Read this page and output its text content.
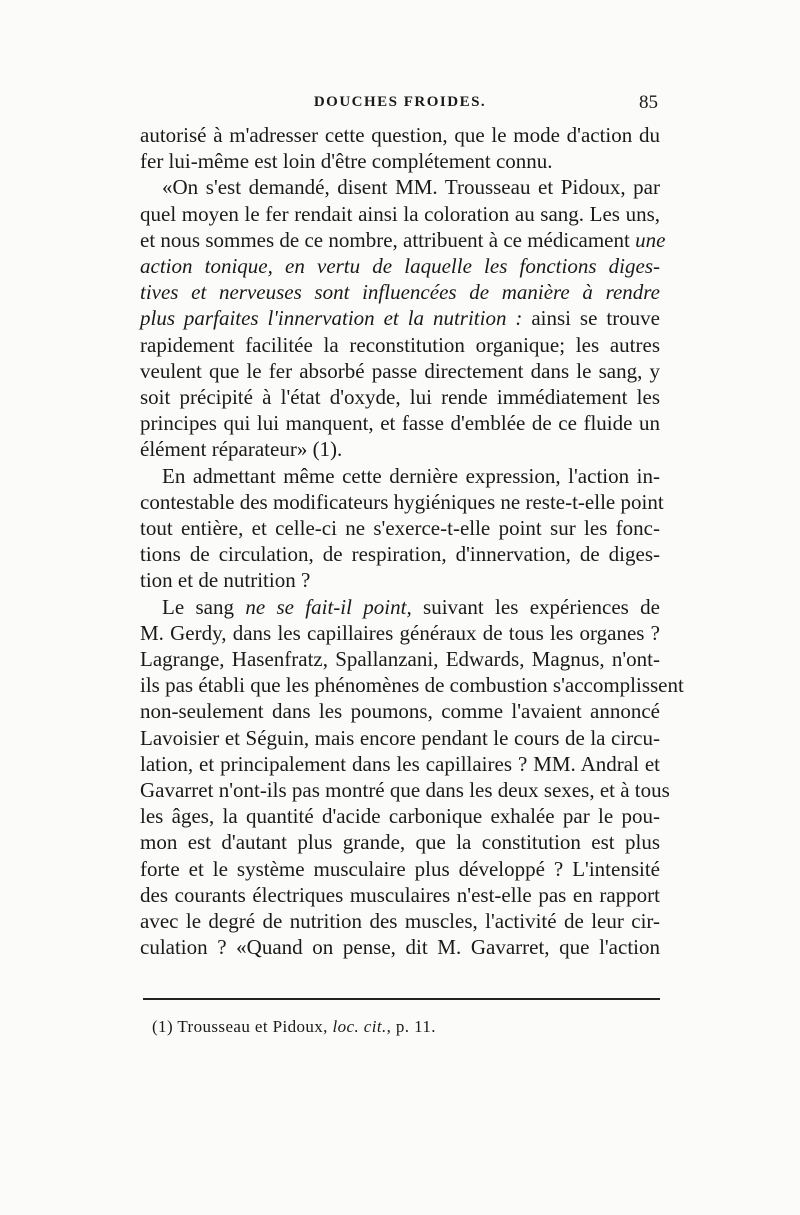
DOUCHES FROIDES.	85
autorisé à m'adresser cette question, que le mode d'action du
fer lui-même est loin d'être complétement connu.
«On s'est demandé, disent MM. Trousseau et Pidoux, par
quel moyen le fer rendait ainsi la coloration au sang. Les uns,
et nous sommes de ce nombre, attribuent à ce médicament une
action tonique, en vertu de laquelle les fonctions diges-
tives et nerveuses sont influencées de manière à rendre
plus parfaites l'innervation et la nutrition : ainsi se trouve
rapidement facilitée la reconstitution organique; les autres
veulent que le fer absorbé passe directement dans le sang, y
soit précipité à l'état d'oxyde, lui rende immédiatement les
principes qui lui manquent, et fasse d'emblée de ce fluide un
élément réparateur» (1).
En admettant même cette dernière expression, l'action in-
contestable des modificateurs hygiéniques ne reste-t-elle point
tout entière, et celle-ci ne s'exerce-t-elle point sur les fonc-
tions de circulation, de respiration, d'innervation, de diges-
tion et de nutrition ?
Le sang ne se fait-il point, suivant les expériences de
M. Gerdy, dans les capillaires généraux de tous les organes ?
Lagrange, Hasenfratz, Spallanzani, Edwards, Magnus, n'ont-
ils pas établi que les phénomènes de combustion s'accomplissent
non-seulement dans les poumons, comme l'avaient annoncé
Lavoisier et Séguin, mais encore pendant le cours de la circu-
lation, et principalement dans les capillaires ? MM. Andral et
Gavarret n'ont-ils pas montré que dans les deux sexes, et à tous
les âges, la quantité d'acide carbonique exhalée par le pou-
mon est d'autant plus grande, que la constitution est plus
forte et le système musculaire plus développé ? L'intensité
des courants électriques musculaires n'est-elle pas en rapport
avec le degré de nutrition des muscles, l'activité de leur cir-
culation ? «Quand on pense, dit M. Gavarret, que l'action
(1) Trousseau et Pidoux, loc. cit., p. 11.
